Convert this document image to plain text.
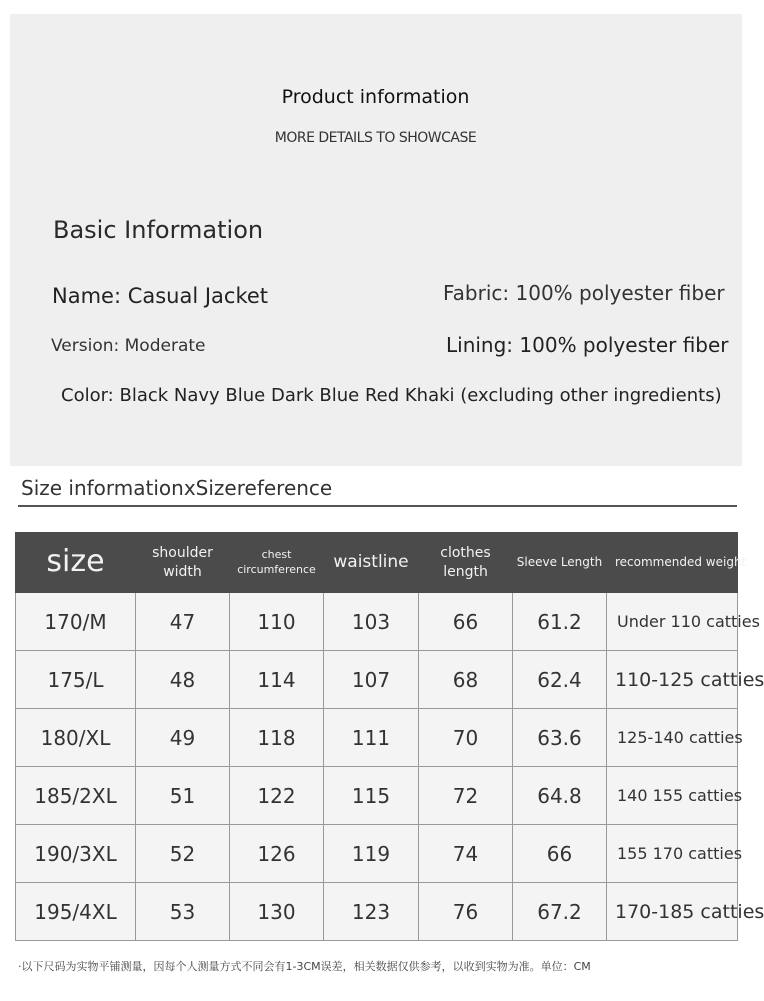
Product information
MORE DETAILS TO SHOWCASE
Basic Information
Name: Casual Jacket	Fabric: 100% polyester fiber
Version: Moderate	Lining: 100% polyester fiber
Color: Black Navy Blue Dark Blue Red Khaki (excluding other ingredients)
Size informationxSizereference
size	shoulder width	chest circumference	waistline	clothes length	Sleeve Length	recommended weight
170/M	47	110	103	66	61.2	Under 110 catties
175/L	48	114	107	68	62.4	110-125 catties
180/XL	49	118	111	70	63.6	125-140 catties
185/2XL	51	122	115	72	64.8	140 155 catties
190/3XL	52	126	119	74	66	155 170 catties
195/4XL	53	130	123	76	67.2	170-185 catties
·以下尺码为实物平铺测量，因每个人测量方式不同会有1-3CM误差，相关数据仅供参考，以收到实物为准。单位：CM
